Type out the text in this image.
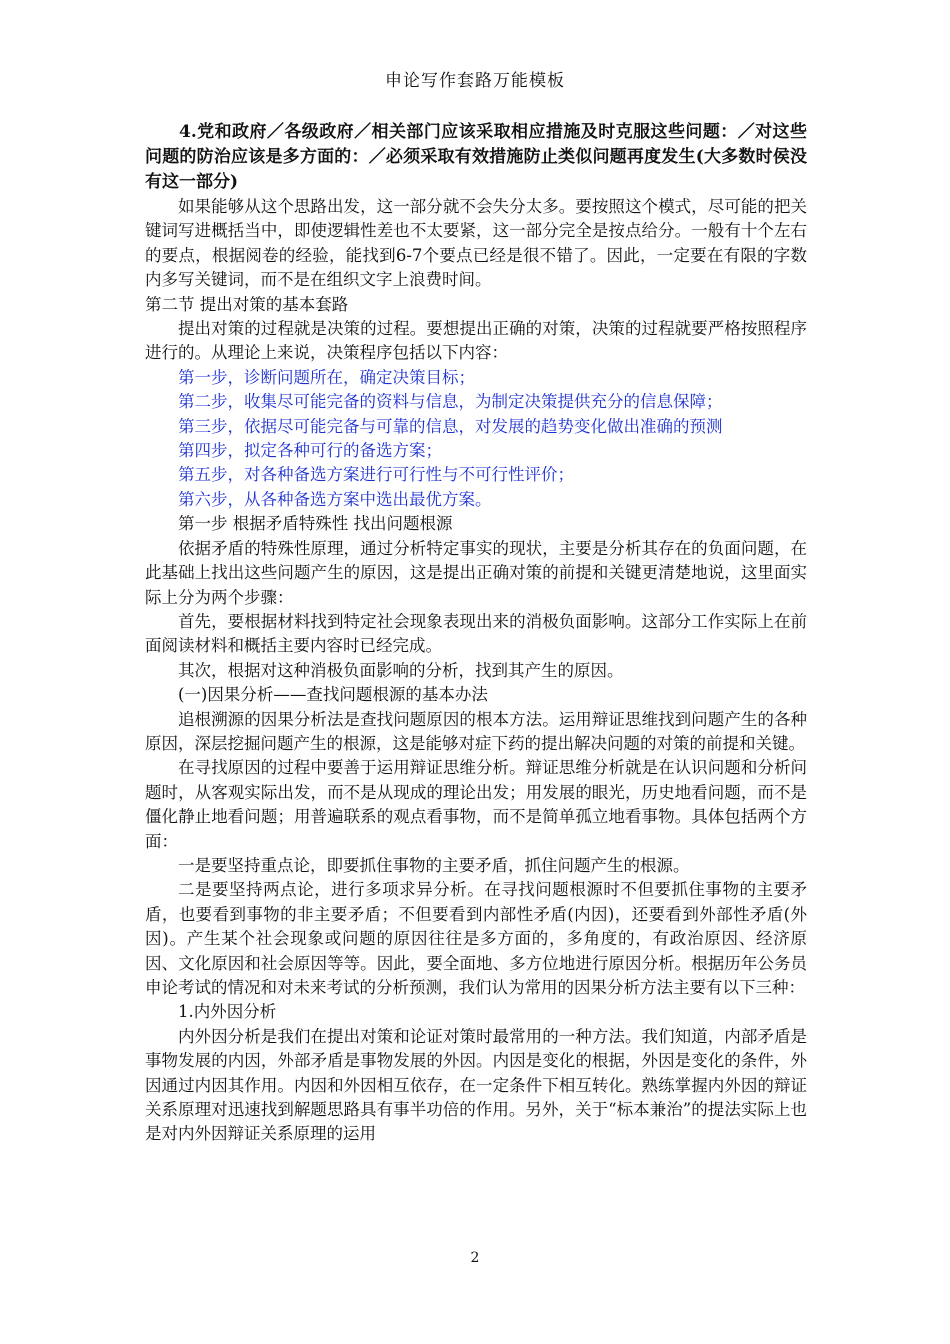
申论写作套路万能模板

4.党和政府／各级政府／相关部门应该采取相应措施及时克服这些问题：／对这些问题的防治应该是多方面的：／必须采取有效措施防止类似问题再度发生(大多数时侯没有这一部分)

如果能够从这个思路出发，这一部分就不会失分太多。要按照这个模式，尽可能的把关键词写进概括当中，即使逻辑性差也不太要紧，这一部分完全是按点给分。一般有十个左右的要点，根据阅卷的经验，能找到6-7个要点已经是很不错了。因此，一定要在有限的字数内多写关键词，而不是在组织文字上浪费时间。

第二节 提出对策的基本套路

提出对策的过程就是决策的过程。要想提出正确的对策，决策的过程就要严格按照程序进行的。从理论上来说，决策程序包括以下内容：

第一步，诊断问题所在，确定决策目标；

第二步，收集尽可能完备的资料与信息，为制定决策提供充分的信息保障；

第三步，依据尽可能完备与可靠的信息，对发展的趋势变化做出准确的预测

第四步，拟定各种可行的备选方案；

第五步，对各种备选方案进行可行性与不可行性评价；

第六步，从各种备选方案中选出最优方案。

第一步 根据矛盾特殊性 找出问题根源

依据矛盾的特殊性原理，通过分析特定事实的现状，主要是分析其存在的负面问题，在此基础上找出这些问题产生的原因，这是提出正确对策的前提和关键更清楚地说，这里面实际上分为两个步骤：

首先，要根据材料找到特定社会现象表现出来的消极负面影响。这部分工作实际上在前面阅读材料和概括主要内容时已经完成。

其次，根据对这种消极负面影响的分析，找到其产生的原因。

(一)因果分析——查找问题根源的基本办法

追根溯源的因果分析法是查找问题原因的根本方法。运用辩证思维找到问题产生的各种原因，深层挖掘问题产生的根源，这是能够对症下药的提出解决问题的对策的前提和关键。

在寻找原因的过程中要善于运用辩证思维分析。辩证思维分析就是在认识问题和分析问题时，从客观实际出发，而不是从现成的理论出发；用发展的眼光，历史地看问题，而不是僵化静止地看问题；用普遍联系的观点看事物，而不是简单孤立地看事物。具体包括两个方面：

一是要坚持重点论，即要抓住事物的主要矛盾，抓住问题产生的根源。

二是要坚持两点论，进行多项求异分析。在寻找问题根源时不但要抓住事物的主要矛盾，也要看到事物的非主要矛盾；不但要看到内部性矛盾(内因)，还要看到外部性矛盾(外因)。产生某个社会现象或问题的原因往往是多方面的，多角度的，有政治原因、经济原因、文化原因和社会原因等等。因此，要全面地、多方位地进行原因分析。根据历年公务员申论考试的情况和对未来考试的分析预测，我们认为常用的因果分析方法主要有以下三种：

1.内外因分析

内外因分析是我们在提出对策和论证对策时最常用的一种方法。我们知道，内部矛盾是事物发展的内因，外部矛盾是事物发展的外因。内因是变化的根据，外因是变化的条件，外因通过内因其作用。内因和外因相互依存，在一定条件下相互转化。熟练掌握内外因的辩证关系原理对迅速找到解题思路具有事半功倍的作用。另外，关于“标本兼治”的提法实际上也是对内外因辩证关系原理的运用

2
